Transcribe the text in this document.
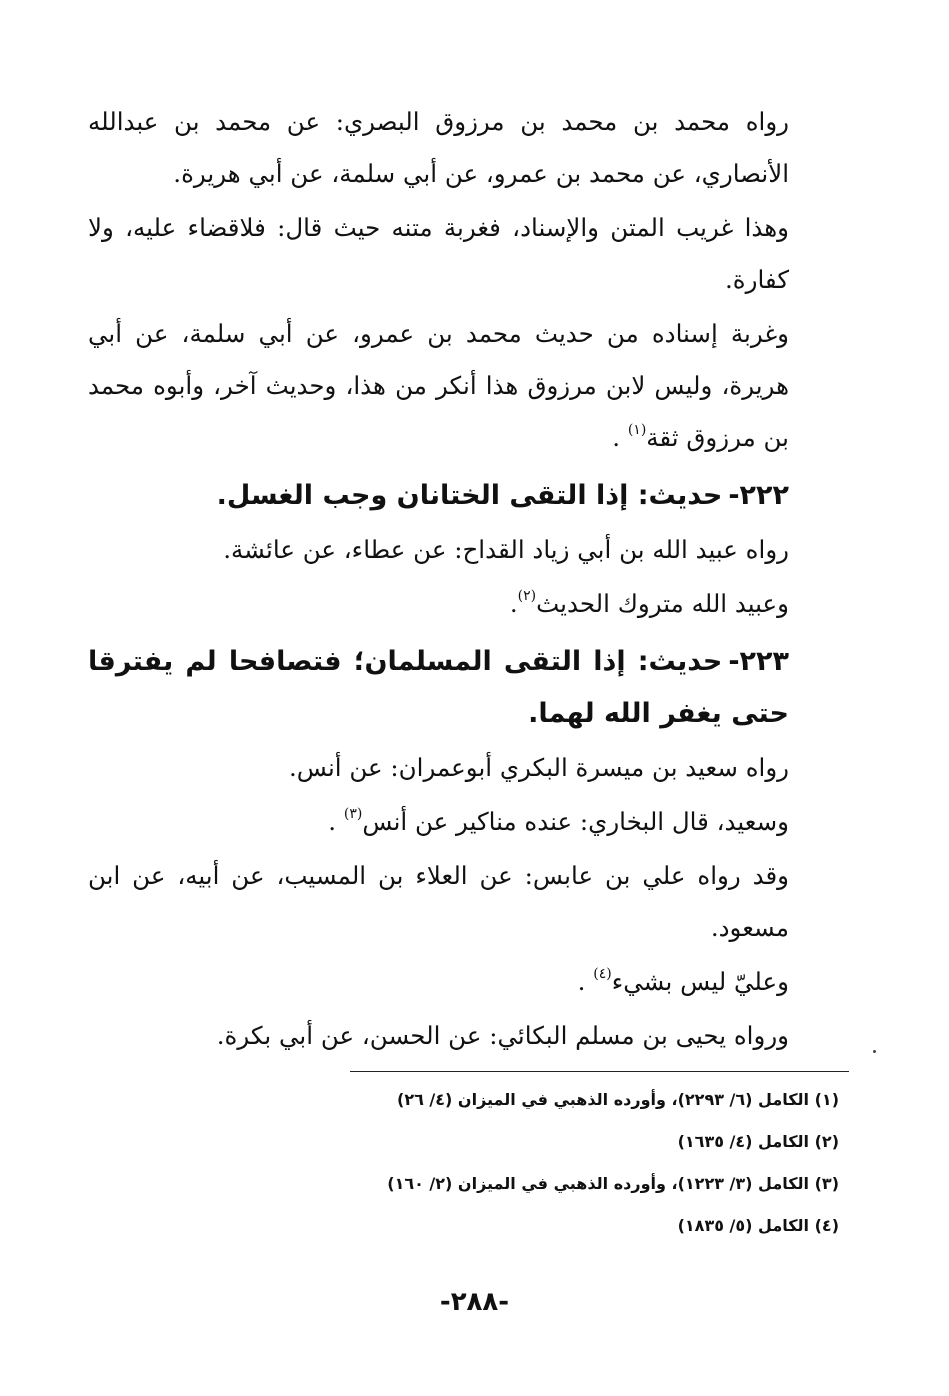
رواه محمد بن محمد بن مرزوق البصري: عن محمد بن عبدالله الأنصاري، عن محمد بن عمرو، عن أبي سلمة، عن أبي هريرة.

وهذا غريب المتن والإسناد، فغربة متنه حيث قال: فلاقضاء عليه، ولا كفارة.

وغربة إسناده من حديث محمد بن عمرو، عن أبي سلمة، عن أبي هريرة، وليس لابن مرزوق هذا أنكر من هذا، وحديث آخر، وأبوه محمد بن مرزوق ثقة$^{(١)}$ .

٢٢٢-حديث: إذا التقى الختانان وجب الغسل.

رواه عبيد الله بن أبي زياد القداح: عن عطاء، عن عائشة.

وعبيد الله متروك الحديث$^{(٢)}$.

٢٢٣-حديث: إذا التقى المسلمان؛ فتصافحا لم يفترقا حتى يغفر الله لهما.

رواه سعيد بن ميسرة البكري أبوعمران: عن أنس.

وسعيد، قال البخاري: عنده مناكير عن أنس$^{(٣)}$ .

وقد رواه علي بن عابس: عن العلاء بن المسيب، عن أبيه، عن ابن مسعود.

وعليّ ليس بشيء$^{(٤)}$ .

ورواه يحيى بن مسلم البكائي: عن الحسن، عن أبي بكرة.

(١) الكامل (٦/ ٢٢٩٣)، وأورده الذهبي في الميزان (٤/ ٢٦)
(٢) الكامل (٤/ ١٦٣٥)
(٣) الكامل (٣/ ١٢٢٣)، وأورده الذهبي في الميزان (٢/ ١٦٠)
(٤) الكامل (٥/ ١٨٣٥)
-٢٨٨-
